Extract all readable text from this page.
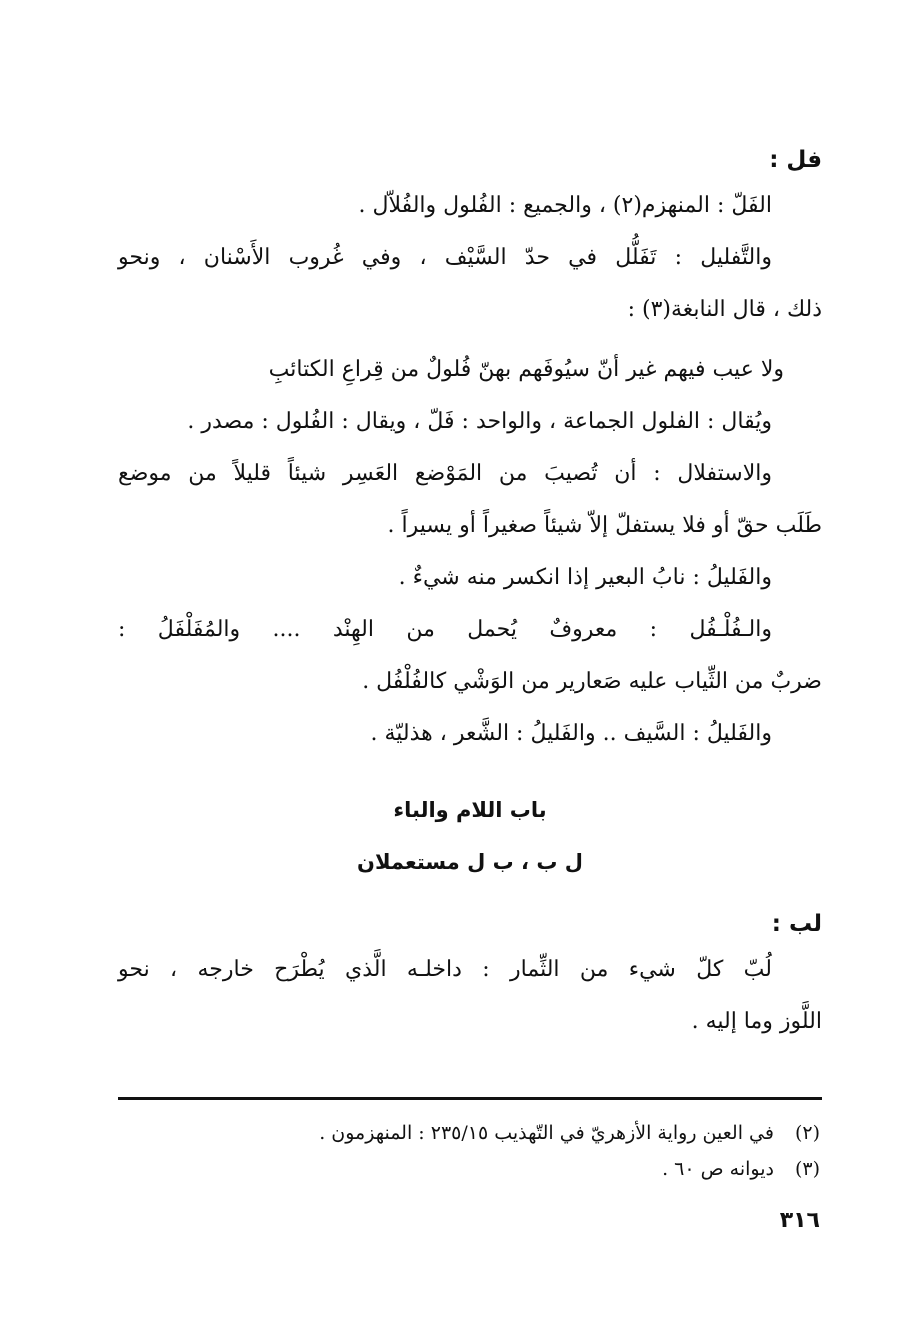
فل :

الفَلّ : المنهزم(٢) ، والجميع : الفُلول والفُلاّل .

والتَّفليل : تَفَلُّل في حدّ السَّيْف ، وفي غُروب الأَسْنان ، ونحو

ذلك ، قال النابغة(٣) :

ولا عيب فيهم غير أنّ سيُوفَهم بهنّ فُلولٌ من قِراعِ الكتائبِ

ويُقال : الفلول الجماعة ، والواحد : فَلّ ، ويقال : الفُلول : مصدر .

والاستفلال : أن تُصيبَ من المَوْضع العَسِر شيئاً قليلاً من موضع

طَلَب حقّ أو فلا يستفلّ إلاّ شيئاً صغيراً أو يسيراً .

والفَليلُ : نابُ البعير إذا انكسر منه شيءٌ .

والـفُلْـفُل : معروفٌ يُحمل من الهِنْد .... والمُفَلْفَلُ :

ضربٌ من الثِّياب عليه صَعارير من الوَشْي كالفُلْفُل .

والفَليلُ : السَّيف .. والفَليلُ : الشَّعر ، هذليّة .

باب اللام والباء

ل ب ، ب ل مستعملان

لب :

لُبّ كلّ شيء من الثِّمار : داخلـه الَّذي يُطْرَح خارجه ، نحو

اللَّوز وما إليه .

(٢) في العين رواية الأزهريّ في التّهذيب ٢٣٥/١٥ : المنهزمون .
(٣) ديوانه ص ٦٠ .
٣١٦
